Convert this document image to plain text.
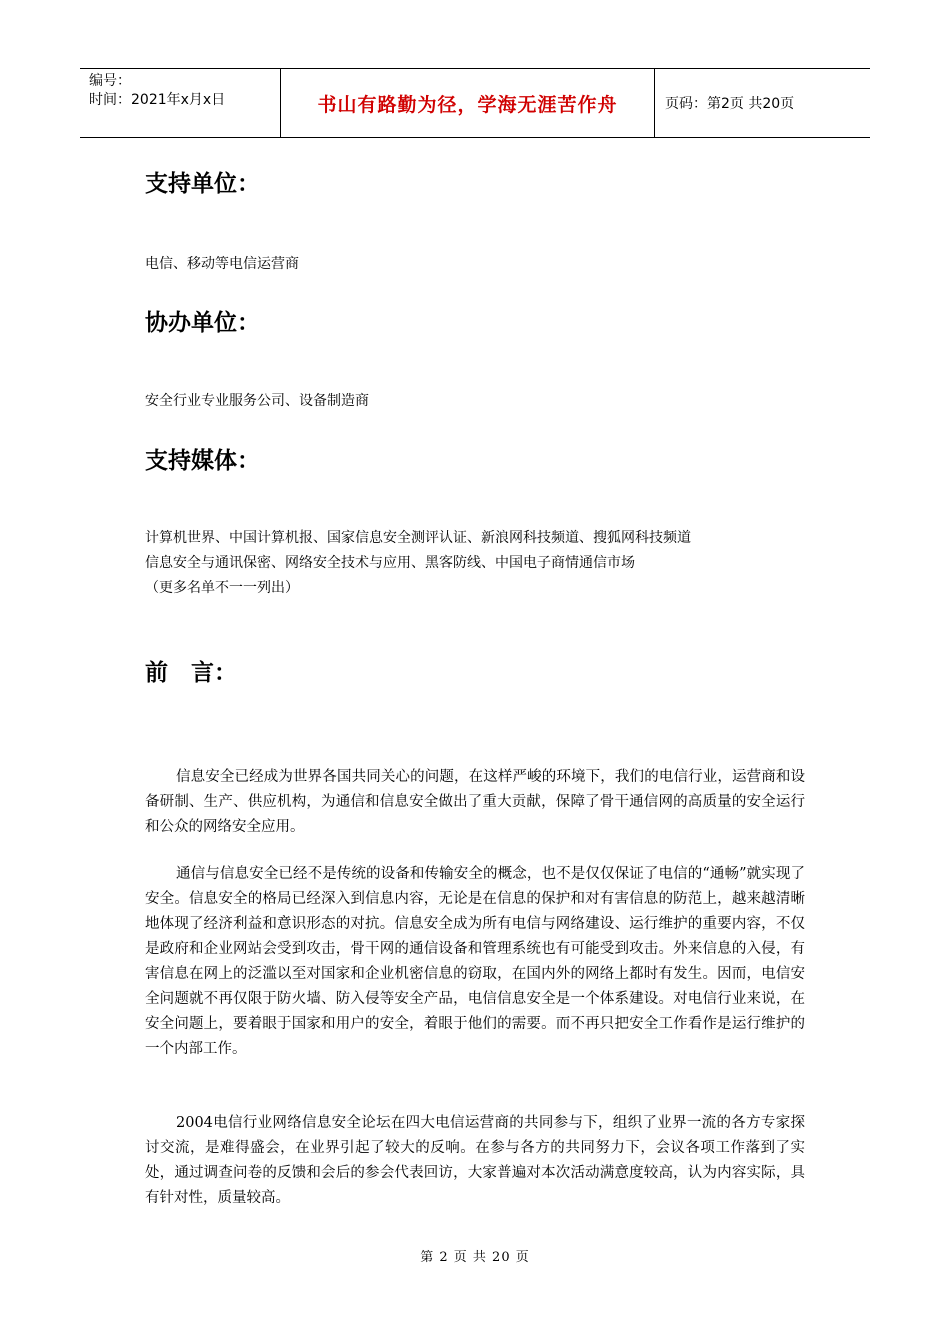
编号：
时间：2021年x月x日	书山有路勤为径，学海无涯苦作舟	页码：第2页 共20页
支持单位：
电信、移动等电信运营商
协办单位：
安全行业专业服务公司、设备制造商
支持媒体：
计算机世界、中国计算机报、国家信息安全测评认证、新浪网科技频道、搜狐网科技频道
信息安全与通讯保密、网络安全技术与应用、黑客防线、中国电子商情通信市场
（更多名单不一一列出）
前　言：
信息安全已经成为世界各国共同关心的问题，在这样严峻的环境下，我们的电信行业，运营商和设备研制、生产、供应机构，为通信和信息安全做出了重大贡献，保障了骨干通信网的高质量的安全运行和公众的网络安全应用。
通信与信息安全已经不是传统的设备和传输安全的概念，也不是仅仅保证了电信的“通畅”就实现了安全。信息安全的格局已经深入到信息内容，无论是在信息的保护和对有害信息的防范上，越来越清晰地体现了经济利益和意识形态的对抗。信息安全成为所有电信与网络建设、运行维护的重要内容，不仅是政府和企业网站会受到攻击，骨干网的通信设备和管理系统也有可能受到攻击。外来信息的入侵，有害信息在网上的泛滥以至对国家和企业机密信息的窃取，在国内外的网络上都时有发生。因而，电信安全问题就不再仅限于防火墙、防入侵等安全产品，电信信息安全是一个体系建设。对电信行业来说，在安全问题上，要着眼于国家和用户的安全，着眼于他们的需要。而不再只把安全工作看作是运行维护的一个内部工作。
2004电信行业网络信息安全论坛在四大电信运营商的共同参与下，组织了业界一流的各方专家探讨交流，是难得盛会，在业界引起了较大的反响。在参与各方的共同努力下，会议各项工作落到了实处，通过调查问卷的反馈和会后的参会代表回访，大家普遍对本次活动满意度较高，认为内容实际，具有针对性，质量较高。
第 2 页 共 20 页
